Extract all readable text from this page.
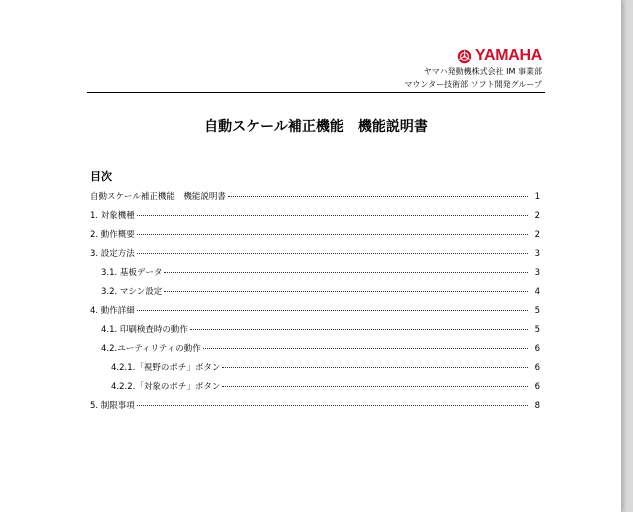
YAMAHA
ヤマハ発動機株式会社 IM 事業部
マウンター技術部 ソフト開発グループ
自動スケール補正機能　機能説明書
目次
自動スケール補正機能　機能説明書	1
1. 対象機種	2
2. 動作概要	2
3. 設定方法	3
3.1. 基板データ	3
3.2. マシン設定	4
4. 動作詳細	5
4.1. 印刷検査時の動作	5
4.2.ユーティリティの動作	6
4.2.1.「視野のポチ」ボタン	6
4.2.2.「対象のポチ」ボタン	6
5. 制限事項	8
